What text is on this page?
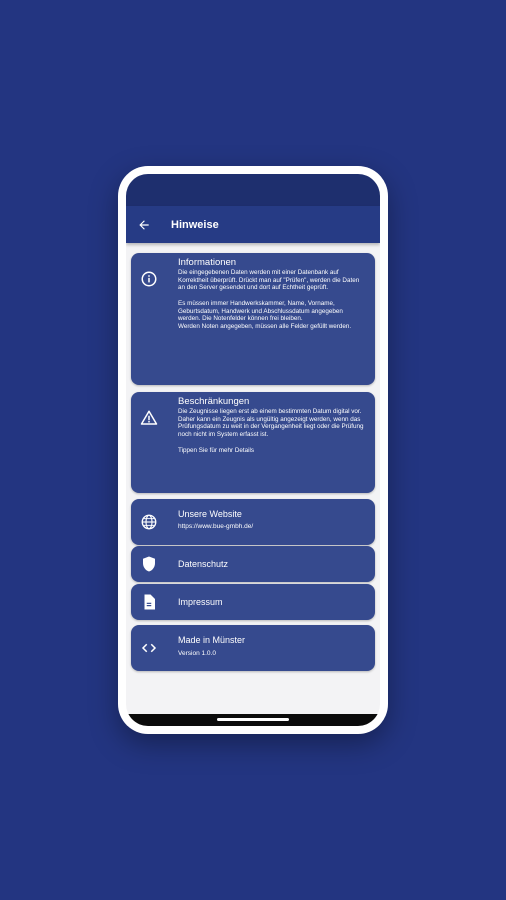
Hinweise
Informationen

Die eingegebenen Daten werden mit einer Datenbank auf Korrektheit überprüft. Drückt man auf "Prüfen", werden die Daten an den Server gesendet und dort auf Echtheit geprüft.

Es müssen immer Handwerkskammer, Name, Vorname, Geburtsdatum, Handwerk und Abschlussdatum angegeben werden. Die Notenfelder können frei bleiben.

Werden Noten angegeben, müssen alle Felder gefüllt werden.

Beschränkungen

Die Zeugnisse liegen erst ab einem bestimmten Datum digital vor. Daher kann ein Zeugnis als ungültig angezeigt werden, wenn das Prüfungsdatum zu weit in der Vergangenheit liegt oder die Prüfung noch nicht im System erfasst ist.

Tippen Sie für mehr Details

Unsere Website
https://www.bue-gmbh.de/
Datenschutz
Impressum
Made in Münster
Version 1.0.0
